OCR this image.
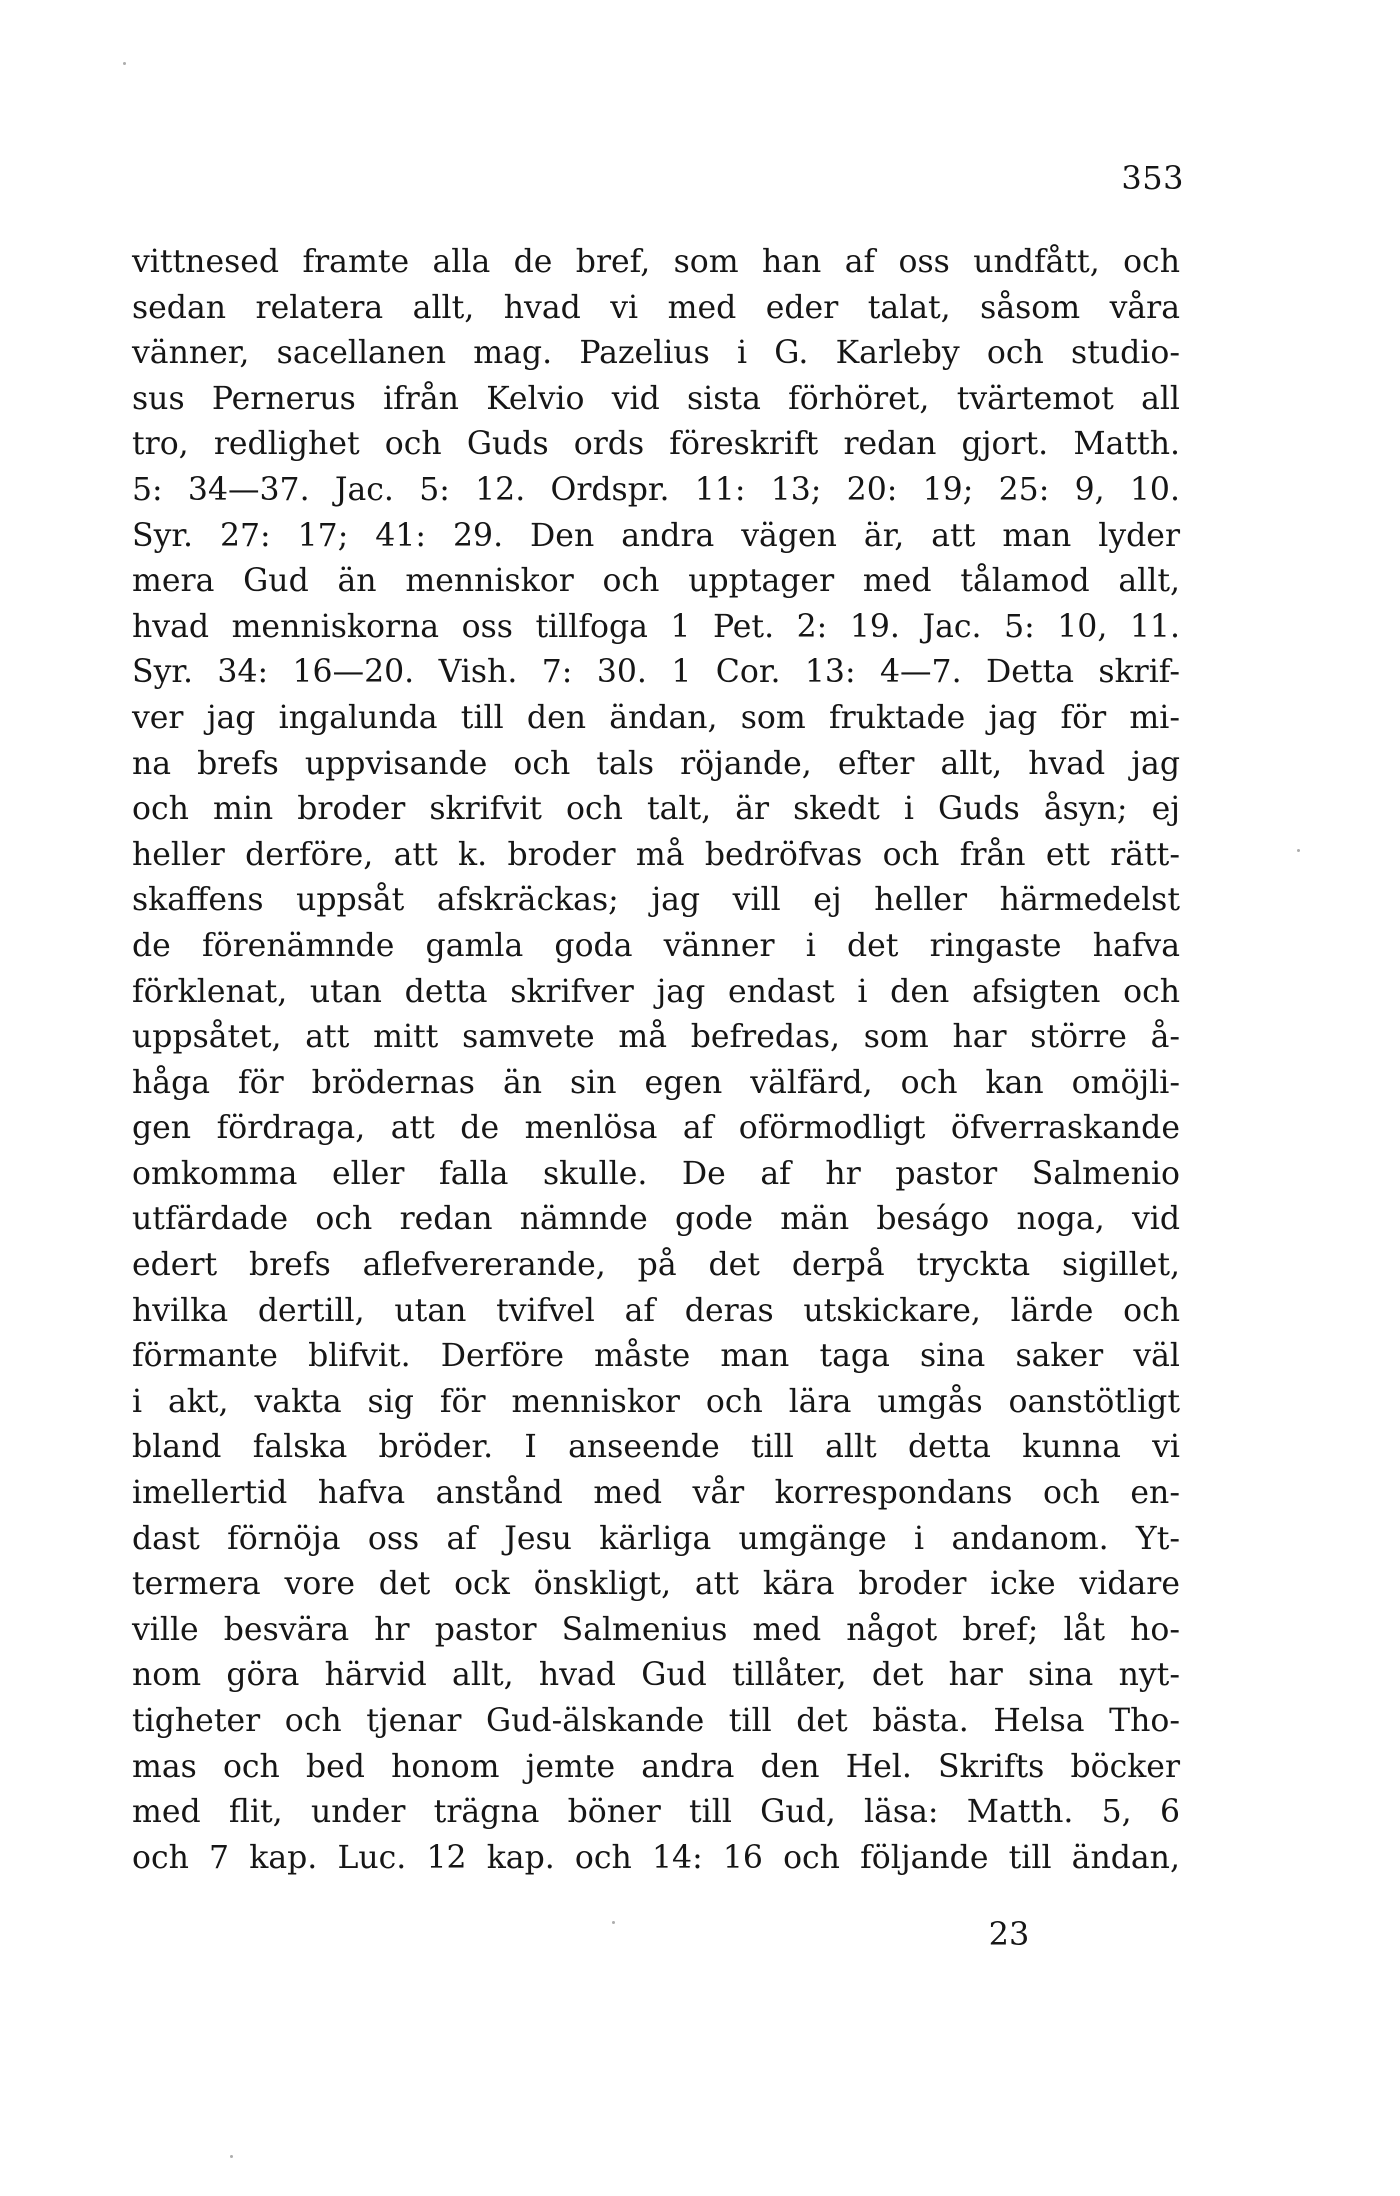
353
vittnesed framte alla de bref, som han af oss undfått, och
sedan relatera allt, hvad vi med eder talat, såsom våra
vänner, sacellanen mag. Pazelius i G. Karleby och studio-
sus Pernerus ifrån Kelvio vid sista förhöret, tvärtemot all
tro, redlighet och Guds ords föreskrift redan gjort. Matth.
5: 34—37. Jac. 5: 12. Ordspr. 11: 13; 20: 19; 25: 9, 10.
Syr. 27: 17; 41: 29. Den andra vägen är, att man lyder
mera Gud än menniskor och upptager med tålamod allt,
hvad menniskorna oss tillfoga 1 Pet. 2: 19. Jac. 5: 10, 11.
Syr. 34: 16—20. Vish. 7: 30. 1 Cor. 13: 4—7. Detta skrif-
ver jag ingalunda till den ändan, som fruktade jag för mi-
na brefs uppvisande och tals röjande, efter allt, hvad jag
och min broder skrifvit och talt, är skedt i Guds åsyn; ej
heller derföre, att k. broder må bedröfvas och från ett rätt-
skaffens uppsåt afskräckas; jag vill ej heller härmedelst
de förenämnde gamla goda vänner i det ringaste hafva
förklenat, utan detta skrifver jag endast i den afsigten och
uppsåtet, att mitt samvete må befredas, som har större å-
håga för brödernas än sin egen välfärd, och kan omöjli-
gen fördraga, att de menlösa af oförmodligt öfverraskande
omkomma eller falla skulle. De af hr pastor Salmenio
utfärdade och redan nämnde gode män beságo noga, vid
edert brefs aflefvererande, på det derpå tryckta sigillet,
hvilka dertill, utan tvifvel af deras utskickare, lärde och
förmante blifvit. Derföre måste man taga sina saker väl
i akt, vakta sig för menniskor och lära umgås oanstötligt
bland falska bröder. I anseende till allt detta kunna vi
imellertid hafva anstånd med vår korrespondans och en-
dast förnöja oss af Jesu kärliga umgänge i andanom. Yt-
termera vore det ock önskligt, att kära broder icke vidare
ville besvära hr pastor Salmenius med något bref; låt ho-
nom göra härvid allt, hvad Gud tillåter, det har sina nyt-
tigheter och tjenar Gud-älskande till det bästa. Helsa Tho-
mas och bed honom jemte andra den Hel. Skrifts böcker
med flit, under trägna böner till Gud, läsa: Matth. 5, 6
och 7 kap. Luc. 12 kap. och 14: 16 och följande till ändan,
23
